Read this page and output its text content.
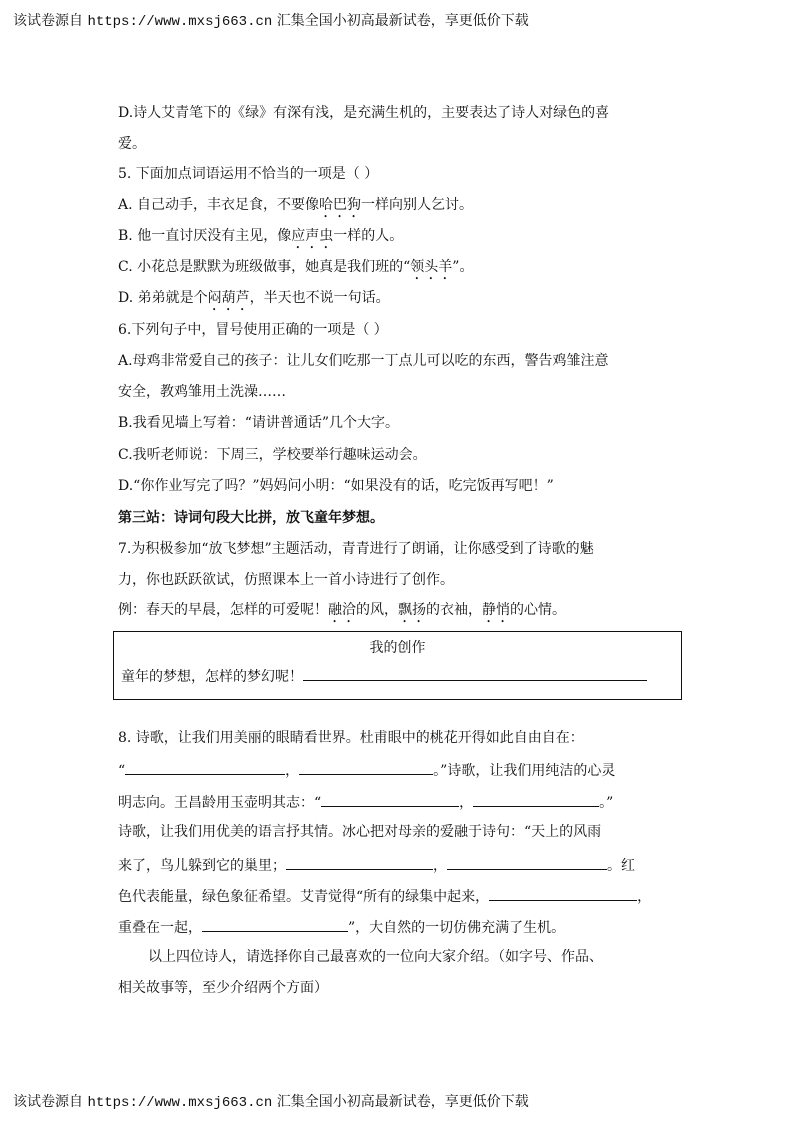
该试卷源自 https://www.mxsj663.cn 汇集全国小初高最新试卷，享更低价下载
D.诗人艾青笔下的《绿》有深有浅，是充满生机的，主要表达了诗人对绿色的喜
爱。
5. 下面加点词语运用不恰当的一项是（ ）
A. 自己动手，丰衣足食，不要像哈巴狗一样向别人乞讨。
B. 他一直讨厌没有主见，像应声虫一样的人。
C. 小花总是默默为班级做事，她真是我们班的“领头羊”。
D. 弟弟就是个闷葫芦，半天也不说一句话。
6.下列句子中，冒号使用正确的一项是（ ）
A.母鸡非常爱自己的孩子：让儿女们吃那一丁点儿可以吃的东西，警告鸡雏注意
安全，教鸡雏用土洗澡……
B.我看见墙上写着：“请讲普通话”几个大字。
C.我听老师说：下周三，学校要举行趣味运动会。
D.“你作业写完了吗？”妈妈问小明：“如果没有的话，吃完饭再写吧！”
第三站：诗词句段大比拼，放飞童年梦想。
7.为积极参加“放飞梦想”主题活动，青青进行了朗诵，让你感受到了诗歌的魅
力，你也跃跃欲试，仿照课本上一首小诗进行了创作。
例：春天的早晨，怎样的可爱呢！融洽的风，飘扬的衣袖，静悄的心情。
我的创作
童年的梦想，怎样的梦幻呢！
8. 诗歌，让我们用美丽的眼睛看世界。杜甫眼中的桃花开得如此自由自在：
“	，	。”诗歌，让我们用纯洁的心灵
明志向。王昌龄用玉壶明其志：“	，	。”
诗歌，让我们用优美的语言抒其情。冰心把对母亲的爱融于诗句：“天上的风雨
来了，鸟儿躲到它的巢里；	，	。红
色代表能量，绿色象征希望。艾青觉得“所有的绿集中起来，	，
重叠在一起，	”，大自然的一切仿佛充满了生机。
以上四位诗人，请选择你自己最喜欢的一位向大家介绍。（如字号、作品、
相关故事等，至少介绍两个方面）
该试卷源自 https://www.mxsj663.cn 汇集全国小初高最新试卷，享更低价下载
